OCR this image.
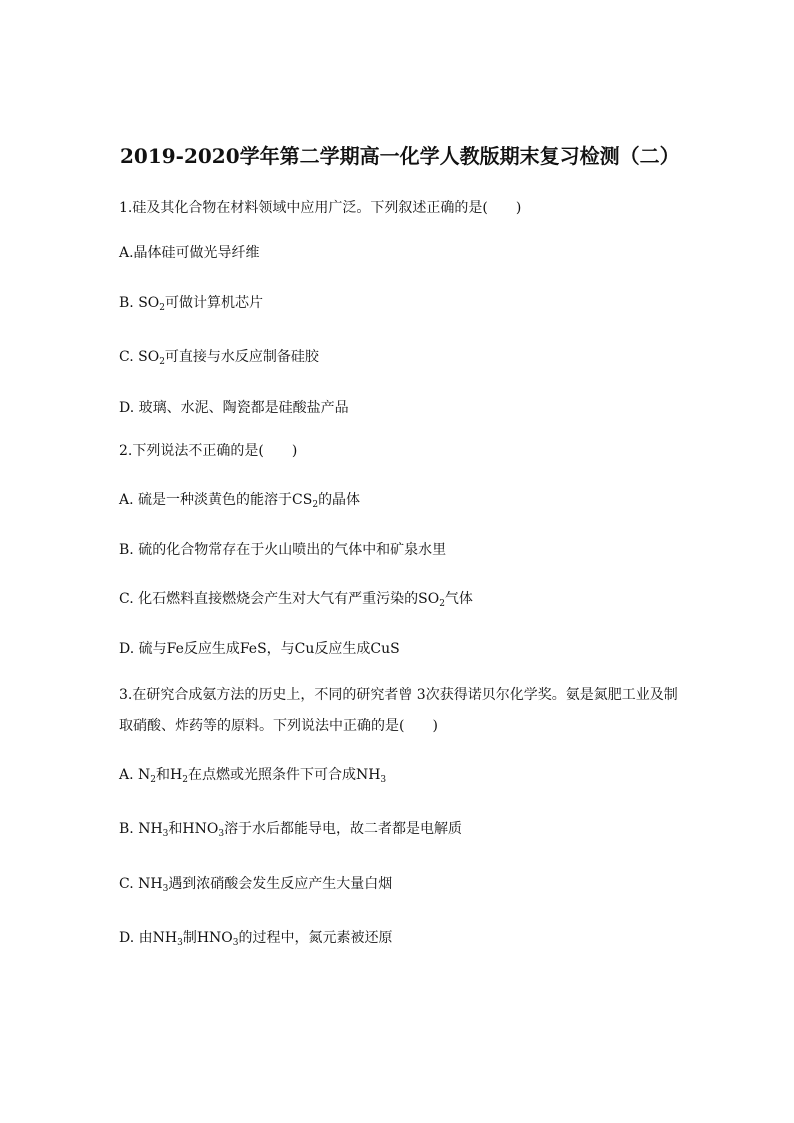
2019-2020学年第二学期高一化学人教版期末复习检测（二）
1.硅及其化合物在材料领域中应用广泛。下列叙述正确的是(　　)
A.晶体硅可做光导纤维
B. $SO_2$可做计算机芯片
C. $SO_2$可直接与水反应制备硅胶
D. 玻璃、水泥、陶瓷都是硅酸盐产品
2.下列说法不正确的是(　　)
A. 硫是一种淡黄色的能溶于$CS_2$的晶体
B. 硫的化合物常存在于火山喷出的气体中和矿泉水里
C. 化石燃料直接燃烧会产生对大气有严重污染的$SO_2$气体
D. 硫与Fe反应生成FeS，与Cu反应生成CuS
3.在研究合成氨方法的历史上，不同的研究者曾 3次获得诺贝尔化学奖。氨是氮肥工业及制
取硝酸、炸药等的原料。下列说法中正确的是(　　)
A. $N_2$和$H_2$在点燃或光照条件下可合成$NH_3$
B. $NH_3$和$HNO_3$溶于水后都能导电，故二者都是电解质
C. $NH_3$遇到浓硝酸会发生反应产生大量白烟
D. 由$NH_3$制$HNO_3$的过程中，氮元素被还原
